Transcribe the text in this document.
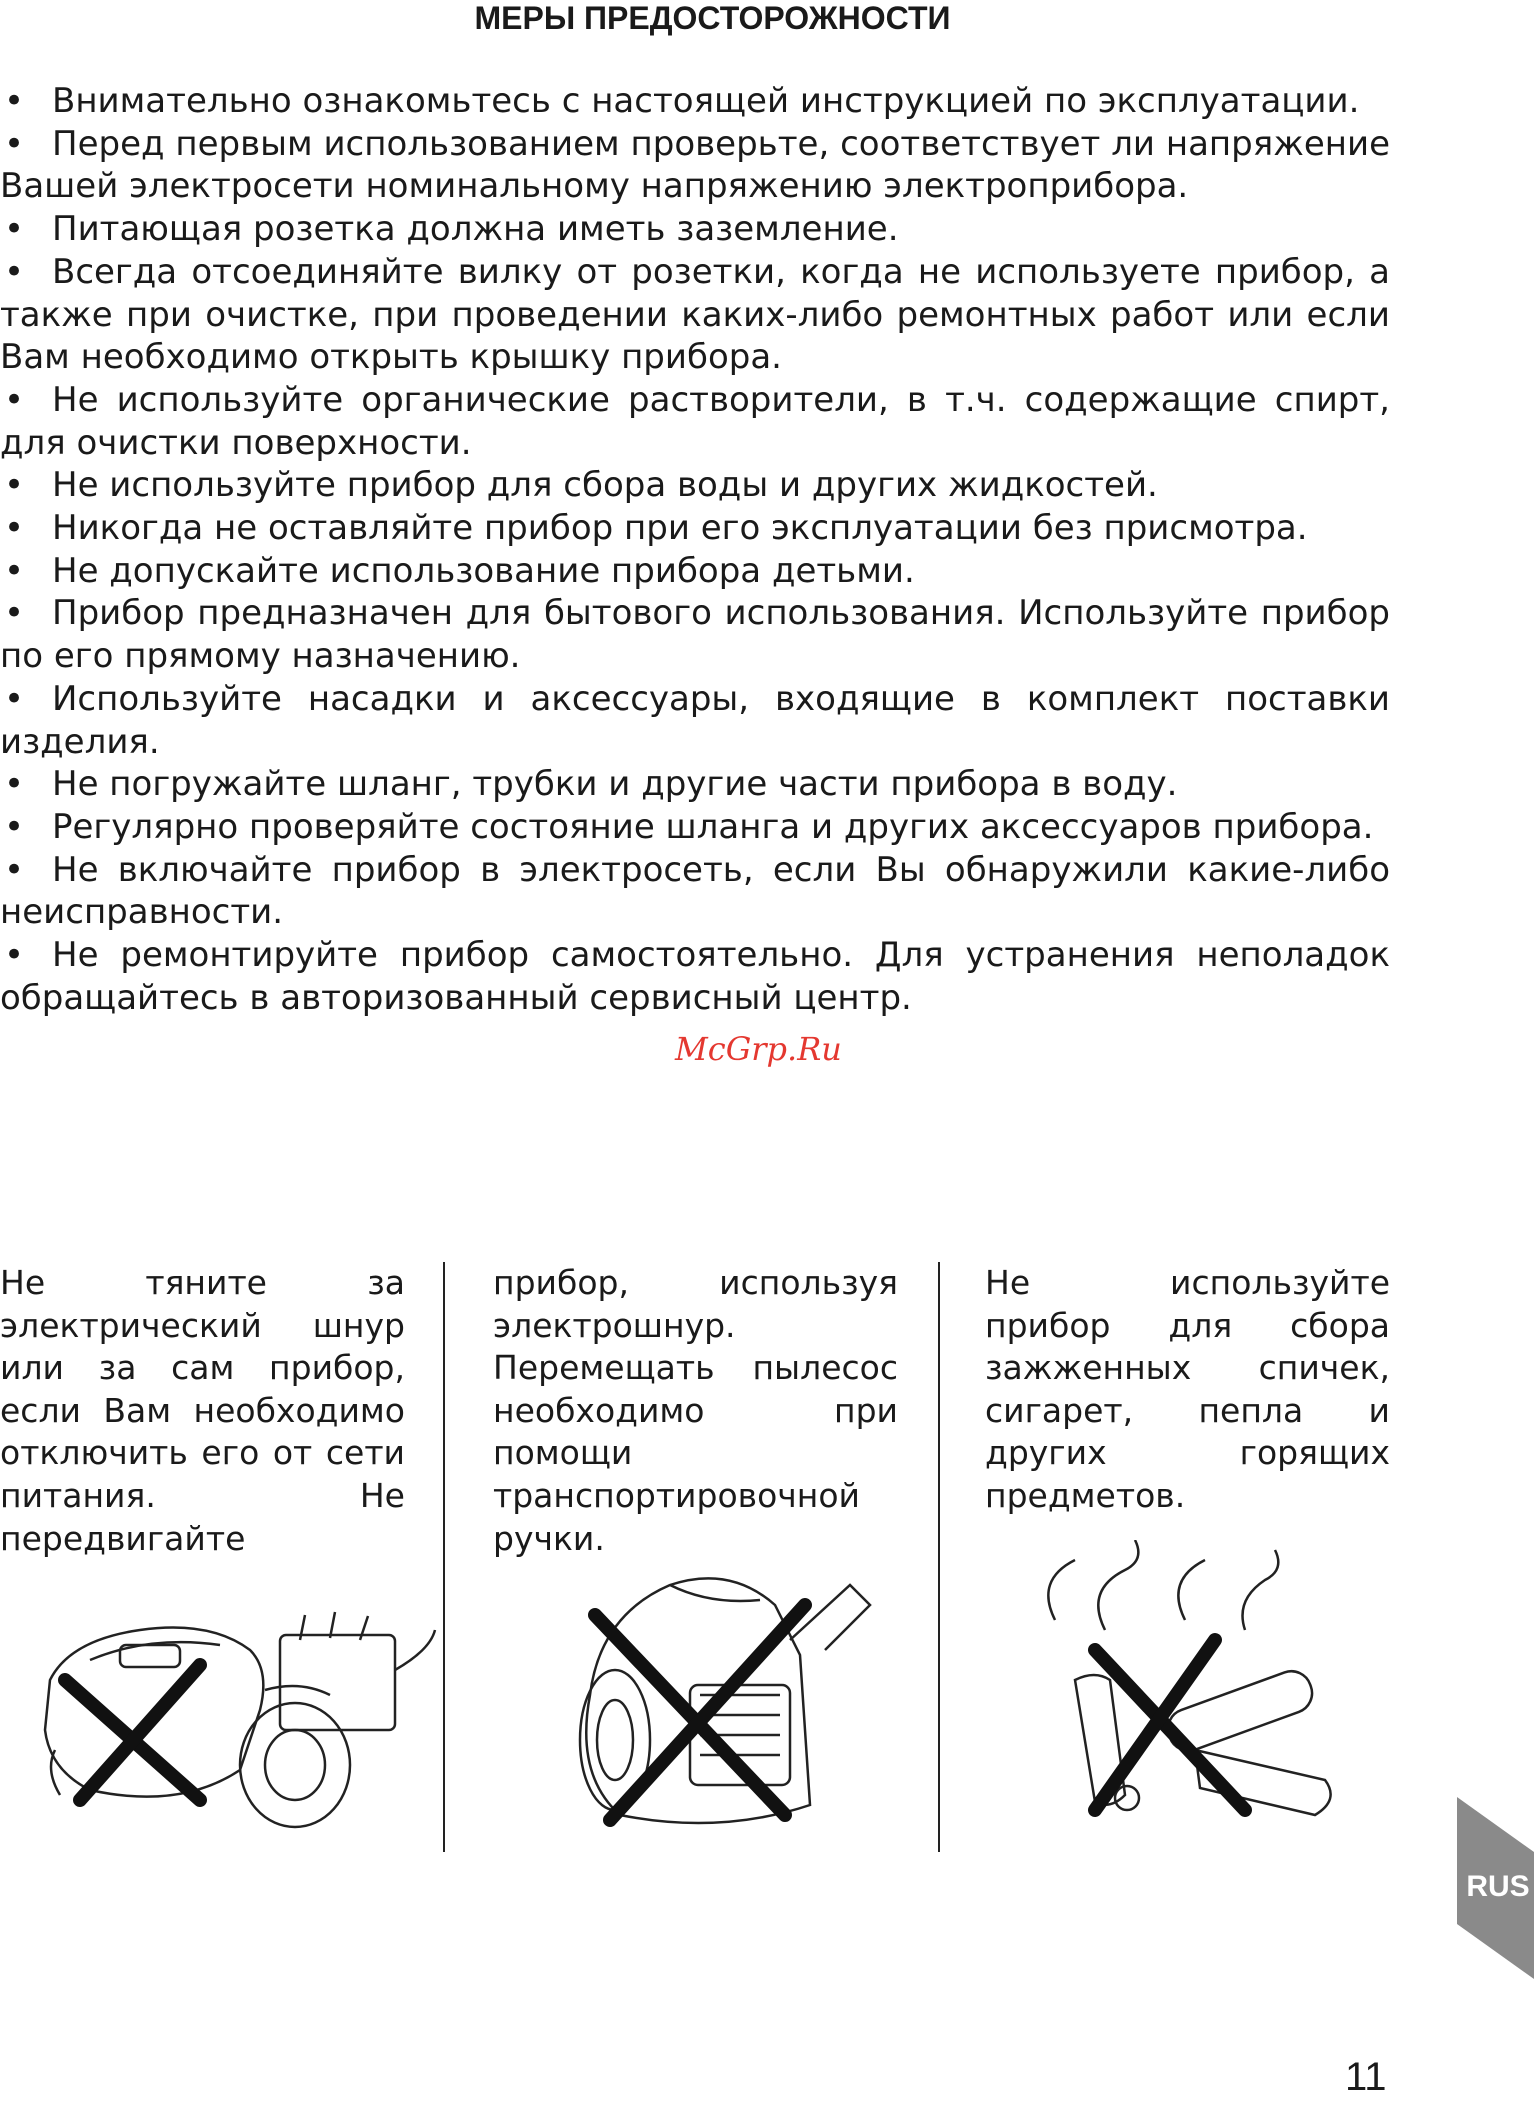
МЕРЫ ПРЕДОСТОРОЖНОСТИ
• Внимательно ознакомьтесь с настоящей инструкцией по эксплуатации.
• Перед первым использованием проверьте, соответствует ли напряжение Вашей электросети номинальному напряжению электроприбора.
• Питающая розетка должна иметь заземление.
• Всегда отсоединяйте вилку от розетки, когда не используете прибор, а также при очистке, при проведении каких-либо ремонтных работ или если Вам необходимо открыть крышку прибора.
• Не используйте органические растворители, в т.ч. содержащие спирт, для очистки поверхности.
• Не используйте прибор для сбора воды и других жидкостей.
• Никогда не оставляйте прибор при его эксплуатации без присмотра.
• Не допускайте использование прибора детьми.
• Прибор предназначен для бытового использования. Используйте прибор по его прямому назначению.
• Используйте насадки и аксессуары, входящие в комплект поставки изделия.
• Не погружайте шланг, трубки и другие части прибора в воду.
• Регулярно проверяйте состояние шланга и других аксессуаров прибора.
• Не включайте прибор в электросеть, если Вы обнаружили какие-либо неисправности.
• Не ремонтируйте прибор самостоятельно. Для устранения неполадок обращайтесь в авторизованный сервисный центр.
McGrp.Ru
Не тяните за электрический шнур или за сам прибор, если Вам необходимо отключить его от сети питания. Не передвигайте
прибор, используя электрошнур. Перемещать пылесос необходимо при помощи транспортировочной ручки.
Не используйте прибор для сбора зажженных спичек, сигарет, пепла и других горящих предметов.
RUS
11
